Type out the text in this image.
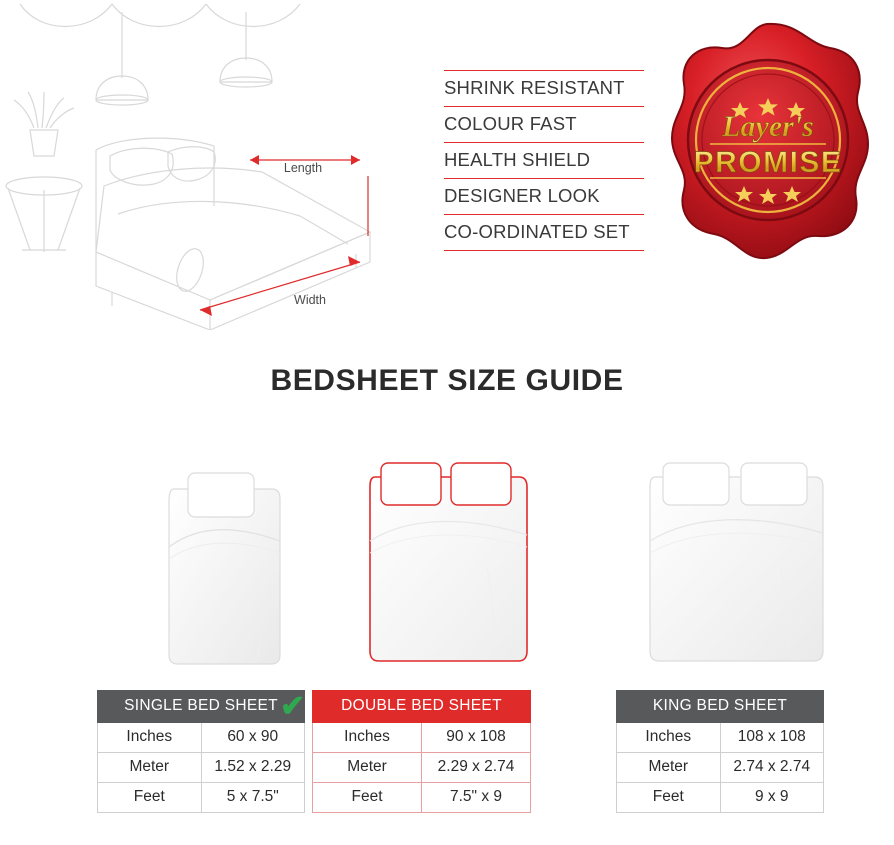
Length
Width
SHRINK RESISTANT
COLOUR FAST
HEALTH SHIELD
DESIGNER LOOK
CO-ORDINATED SET
Layer's
PROMISE
BEDSHEET SIZE GUIDE
SINGLE BED SHEET	
Inches	60 x 90
Meter	1.52 x 2.29
Feet	5 x 7.5"
✔ DOUBLE BED SHEET	
Inches	90 x 108
Meter	2.29 x 2.74
Feet	7.5" x 9
KING BED SHEET	
Inches	108 x 108
Meter	2.74 x 2.74
Feet	9 x 9
